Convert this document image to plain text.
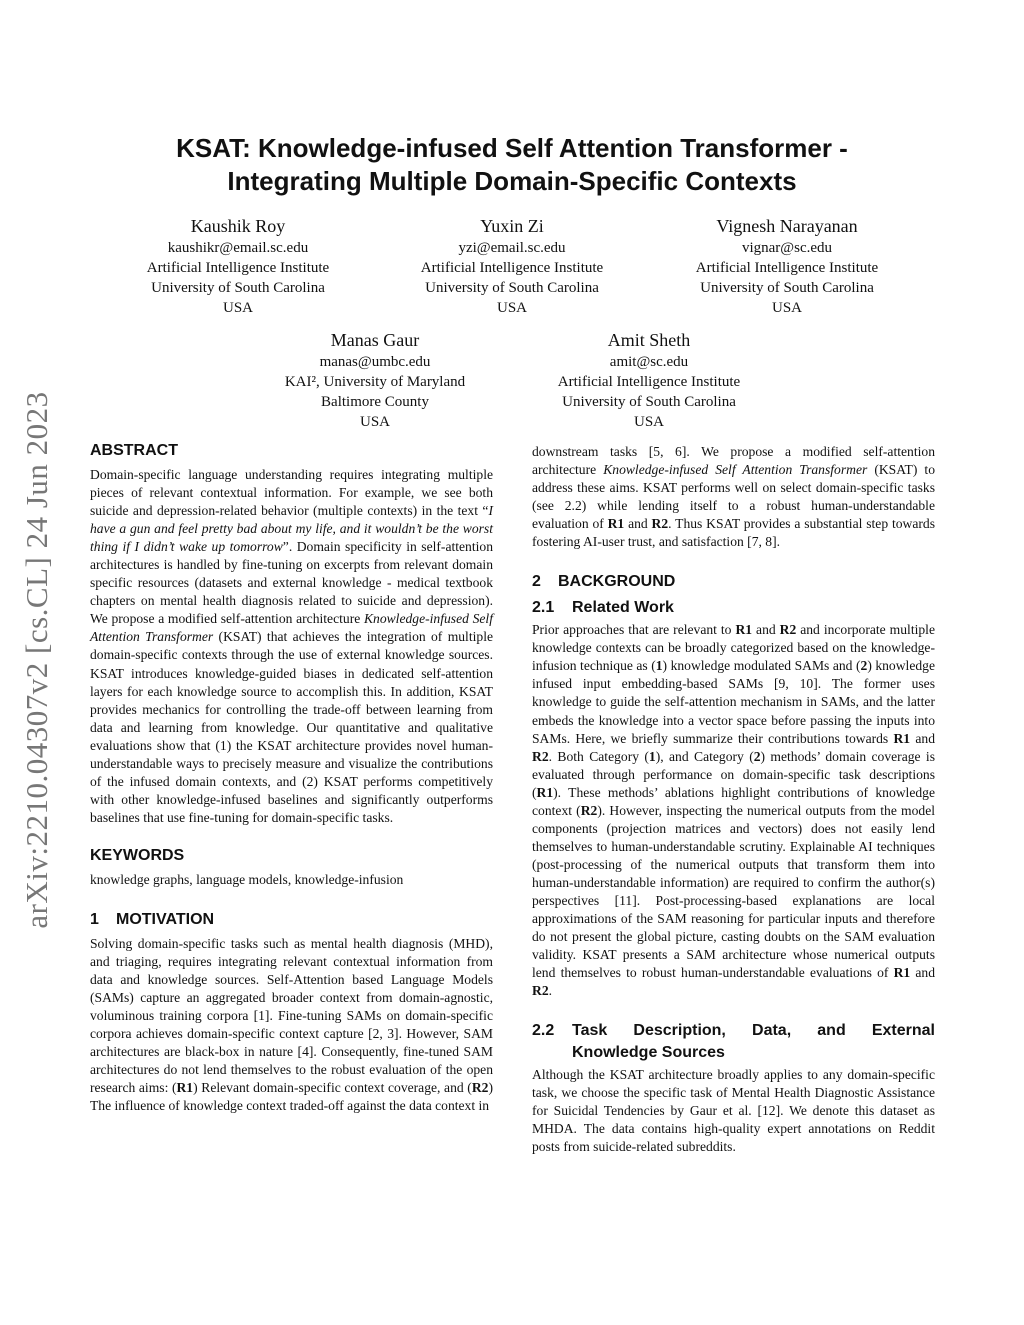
arXiv:2210.04307v2 [cs.CL] 24 Jun 2023
KSAT: Knowledge-infused Self Attention Transformer -
Integrating Multiple Domain-Specific Contexts
Kaushik Roy
kaushikr@email.sc.edu
Artificial Intelligence Institute
University of South Carolina
USA
Yuxin Zi
yzi@email.sc.edu
Artificial Intelligence Institute
University of South Carolina
USA
Vignesh Narayanan
vignar@sc.edu
Artificial Intelligence Institute
University of South Carolina
USA
Manas Gaur
manas@umbc.edu
KAI², University of Maryland
Baltimore County
USA
Amit Sheth
amit@sc.edu
Artificial Intelligence Institute
University of South Carolina
USA
ABSTRACT

Domain-specific language understanding requires integrating multiple pieces of relevant contextual information. For example, we see both suicide and depression-related behavior (multiple contexts) in the text “I have a gun and feel pretty bad about my life, and it wouldn’t be the worst thing if I didn’t wake up tomorrow”. Domain specificity in self-attention architectures is handled by fine-tuning on excerpts from relevant domain specific resources (datasets and external knowledge - medical textbook chapters on mental health diagnosis related to suicide and depression). We propose a modified self-attention architecture Knowledge-infused Self Attention Transformer (KSAT) that achieves the integration of multiple domain-specific contexts through the use of external knowledge sources. KSAT introduces knowledge-guided biases in dedicated self-attention layers for each knowledge source to accomplish this. In addition, KSAT provides mechanics for controlling the trade-off between learning from data and learning from knowledge. Our quantitative and qualitative evaluations show that (1) the KSAT architecture provides novel human-understandable ways to precisely measure and visualize the contributions of the infused domain contexts, and (2) KSAT performs competitively with other knowledge-infused baselines and significantly outperforms baselines that use fine-tuning for domain-specific tasks.

KEYWORDS

knowledge graphs, language models, knowledge-infusion

1 MOTIVATION

Solving domain-specific tasks such as mental health diagnosis (MHD), and triaging, requires integrating relevant contextual information from data and knowledge sources. Self-Attention based Language Models (SAMs) capture an aggregated broader context from domain-agnostic, voluminous training corpora [1]. Fine-tuning SAMs on domain-specific corpora achieves domain-specific context capture [2, 3]. However, SAM architectures are black-box in nature [4]. Consequently, fine-tuned SAM architectures do not lend themselves to the robust evaluation of the open research aims: (R1) Relevant domain-specific context coverage, and (R2) The influence of knowledge context traded-off against the data context in

downstream tasks [5, 6]. We propose a modified self-attention architecture Knowledge-infused Self Attention Transformer (KSAT) to address these aims. KSAT performs well on select domain-specific tasks (see 2.2) while lending itself to a robust human-understandable evaluation of R1 and R2. Thus KSAT provides a substantial step towards fostering AI-user trust, and satisfaction [7, 8].

2 BACKGROUND
2.1 Related Work

Prior approaches that are relevant to R1 and R2 and incorporate multiple knowledge contexts can be broadly categorized based on the knowledge-infusion technique as (1) knowledge modulated SAMs and (2) knowledge infused input embedding-based SAMs [9, 10]. The former uses knowledge to guide the self-attention mechanism in SAMs, and the latter embeds the knowledge into a vector space before passing the inputs into SAMs. Here, we briefly summarize their contributions towards R1 and R2. Both Category (1), and Category (2) methods’ domain coverage is evaluated through performance on domain-specific task descriptions (R1). These methods’ ablations highlight contributions of knowledge context (R2). However, inspecting the numerical outputs from the model components (projection matrices and vectors) does not easily lend themselves to human-understandable scrutiny. Explainable AI techniques (post-processing of the numerical outputs that transform them into human-understandable information) are required to confirm the author(s) perspectives [11]. Post-processing-based explanations are local approximations of the SAM reasoning for particular inputs and therefore do not present the global picture, casting doubts on the SAM evaluation validity. KSAT presents a SAM architecture whose numerical outputs lend themselves to robust human-understandable evaluations of R1 and R2.

2.2 Task Description, Data, and External Knowledge Sources

Although the KSAT architecture broadly applies to any domain-specific task, we choose the specific task of Mental Health Diagnostic Assistance for Suicidal Tendencies by Gaur et al. [12]. We denote this dataset as MHDA. The data contains high-quality expert annotations on Reddit posts from suicide-related subreddits.
